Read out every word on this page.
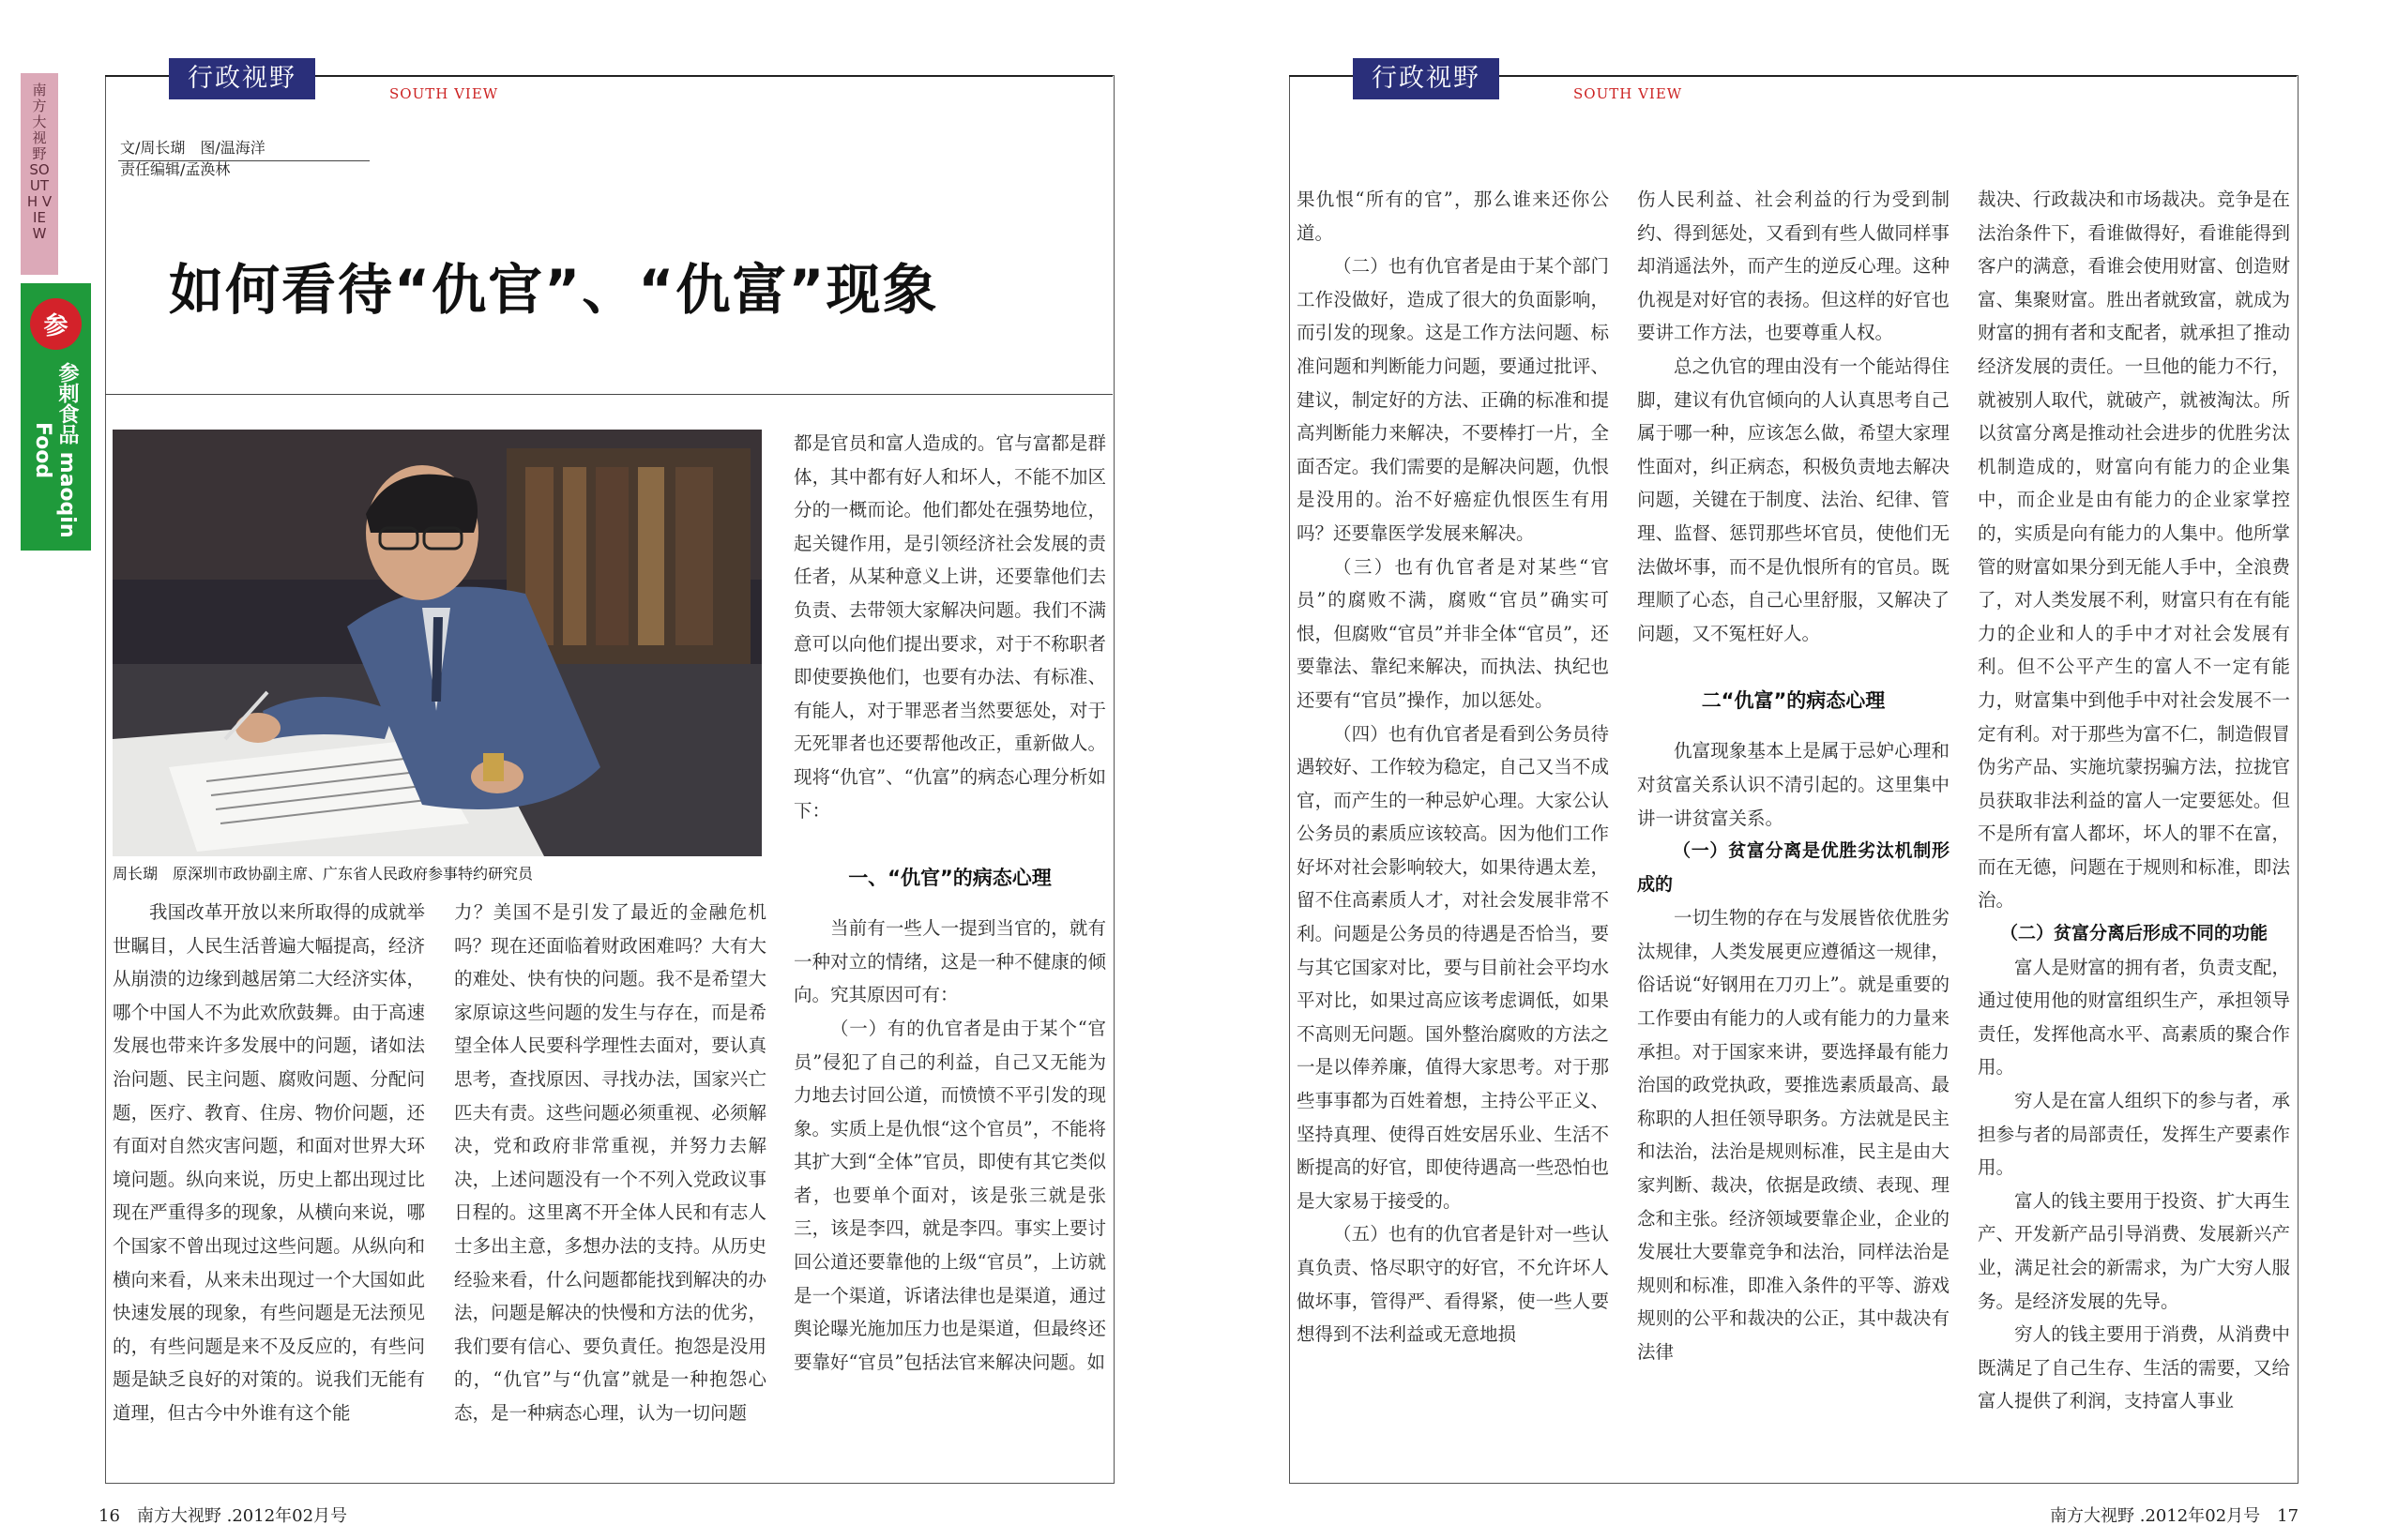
南方大视野 SOUTH VIEW
参
参剌食品 maoqin Food
行政视野
SOUTH VIEW
文/周长瑚　图/温海洋
责任编辑/孟涣林
如何看待“仇官”、“仇富”现象
周长瑚　原深圳市政协副主席、广东省人民政府参事特约研究员

我国改革开放以来所取得的成就举世瞩目，人民生活普遍大幅提高，经济从崩溃的边缘到越居第二大经济实体，哪个中国人不为此欢欣鼓舞。由于高速发展也带来许多发展中的问题，诸如法治问题、民主问题、腐败问题、分配问题，医疗、教育、住房、物价问题，还有面对自然灾害问题，和面对世界大环境问题。纵向来说，历史上都出现过比现在严重得多的现象，从横向来说，哪个国家不曾出现过这些问题。从纵向和横向来看，从来未出现过一个大国如此快速发展的现象，有些问题是无法预见的，有些问题是来不及反应的，有些问题是缺乏良好的对策的。说我们无能有道理，但古今中外谁有这个能

力？美国不是引发了最近的金融危机吗？现在还面临着财政困难吗？大有大的难处、快有快的问题。我不是希望大家原谅这些问题的发生与存在，而是希望全体人民要科学理性去面对，要认真思考，查找原因、寻找办法，国家兴亡匹夫有责。这些问题必须重视、必须解决，党和政府非常重视，并努力去解决，上述问题没有一个不列入党政议事日程的。这里离不开全体人民和有志人士多出主意，多想办法的支持。从历史经验来看，什么问题都能找到解决的办法，问题是解决的快慢和方法的优劣，我们要有信心、要负責任。抱怨是没用的，“仇官”与“仇富”就是一种抱怨心态，是一种病态心理，认为一切问题

都是官员和富人造成的。官与富都是群体，其中都有好人和坏人，不能不加区分的一概而论。他们都处在强势地位，起关键作用，是引领经济社会发展的责任者，从某种意义上讲，还要靠他们去负责、去带领大家解决问题。我们不满意可以向他们提出要求，对于不称职者即使要换他们，也要有办法、有标准、有能人，对于罪恶者当然要惩处，对于无死罪者也还要帮他改正，重新做人。现将“仇官”、“仇富”的病态心理分析如下：

一、“仇官”的病态心理

当前有一些人一提到当官的，就有一种对立的情绪，这是一种不健康的倾向。究其原因可有：

（一）有的仇官者是由于某个“官员”侵犯了自己的利益，自己又无能为力地去讨回公道，而愤愤不平引发的现象。实质上是仇恨“这个官员”，不能将其扩大到“全体”官员，即使有其它类似者，也要单个面对，该是张三就是张三，该是李四，就是李四。事实上要讨回公道还要靠他的上级“官员”，上访就是一个渠道，诉诸法律也是渠道，通过舆论曝光施加压力也是渠道，但最终还要靠好“官员”包括法官来解决问题。如

16　南方大视野 .2012年02月号
行政视野
SOUTH VIEW

果仇恨“所有的官”，那么谁来还你公道。

（二）也有仇官者是由于某个部门工作没做好，造成了很大的负面影响，而引发的现象。这是工作方法问题、标准问题和判断能力问题，要通过批评、建议，制定好的方法、正确的标准和提高判断能力来解决，不要棒打一片，全面否定。我们需要的是解决问题，仇恨是没用的。治不好癌症仇恨医生有用吗？还要靠医学发展来解决。

（三）也有仇官者是对某些“官员”的腐败不满，腐败“官员”确实可恨，但腐败“官员”并非全体“官员”，还要靠法、靠纪来解决，而执法、执纪也还要有“官员”操作，加以惩处。

（四）也有仇官者是看到公务员待遇较好、工作较为稳定，自己又当不成官，而产生的一种忌妒心理。大家公认公务员的素质应该较高。因为他们工作好坏对社会影响较大，如果待遇太差，留不住高素质人才，对社会发展非常不利。问题是公务员的待遇是否恰当，要与其它国家对比，要与目前社会平均水平对比，如果过高应该考虑调低，如果不高则无问题。国外整治腐败的方法之一是以俸养廉，值得大家思考。对于那些事事都为百姓着想，主持公平正义、坚持真理、使得百姓安居乐业、生活不断提高的好官，即使待遇高一些恐怕也是大家易于接受的。

（五）也有的仇官者是针对一些认真负责、恪尽职守的好官，不允许坏人做坏事，管得严、看得紧，使一些人要想得到不法利益或无意地损

伤人民利益、社会利益的行为受到制约、得到惩处，又看到有些人做同样事却消遥法外，而产生的逆反心理。这种仇视是对好官的表扬。但这样的好官也要讲工作方法，也要尊重人权。

总之仇官的理由没有一个能站得住脚，建议有仇官倾向的人认真思考自己属于哪一种，应该怎么做，希望大家理性面对，纠正病态，积极负责地去解决问题，关键在于制度、法治、纪律、管理、监督、惩罚那些坏官员，使他们无法做坏事，而不是仇恨所有的官员。既理顺了心态，自己心里舒服，又解决了问题，又不冤枉好人。

二“仇富”的病态心理

仇富现象基本上是属于忌妒心理和对贫富关系认识不清引起的。这里集中讲一讲贫富关系。

（一）贫富分离是优胜劣汰机制形成的

一切生物的存在与发展皆依优胜劣汰规律，人类发展更应遵循这一规律，俗话说“好钢用在刀刃上”。就是重要的工作要由有能力的人或有能力的力量来承担。对于国家来讲，要选择最有能力治国的政党执政，要推选素质最高、最称职的人担任领导职务。方法就是民主和法治，法治是规则标准，民主是由大家判断、裁决，依据是政绩、表现、理念和主张。经济领域要靠企业，企业的发展壮大要靠竞争和法治，同样法治是规则和标准，即准入条件的平等、游戏规则的公平和裁决的公正，其中裁决有法律

裁决、行政裁决和市场裁决。竞争是在法治条件下，看谁做得好，看谁能得到客户的满意，看谁会使用财富、创造财富、集聚财富。胜出者就致富，就成为财富的拥有者和支配者，就承担了推动经济发展的责任。一旦他的能力不行，就被别人取代，就破产，就被淘汰。所以贫富分离是推动社会进步的优胜劣汰机制造成的，财富向有能力的企业集中，而企业是由有能力的企业家掌控的，实质是向有能力的人集中。他所掌管的财富如果分到无能人手中，全浪费了，对人类发展不利，财富只有在有能力的企业和人的手中才对社会发展有利。但不公平产生的富人不一定有能力，财富集中到他手中对社会发展不一定有利。对于那些为富不仁，制造假冒伪劣产品、实施坑蒙拐骗方法，拉拢官员获取非法利益的富人一定要惩处。但不是所有富人都坏，坏人的罪不在富，而在无德，问题在于规则和标准，即法治。

（二）贫富分离后形成不同的功能

富人是财富的拥有者，负责支配，通过使用他的财富组织生产，承担领导责任，发挥他高水平、高素质的聚合作用。

穷人是在富人组织下的参与者，承担参与者的局部责任，发挥生产要素作用。

富人的钱主要用于投资、扩大再生产、开发新产品引导消费、发展新兴产业，满足社会的新需求，为广大穷人服务。是经济发展的先导。

穷人的钱主要用于消费，从消费中既满足了自己生存、生活的需要，又给富人提供了利润，支持富人事业

南方大视野 .2012年02月号　17
